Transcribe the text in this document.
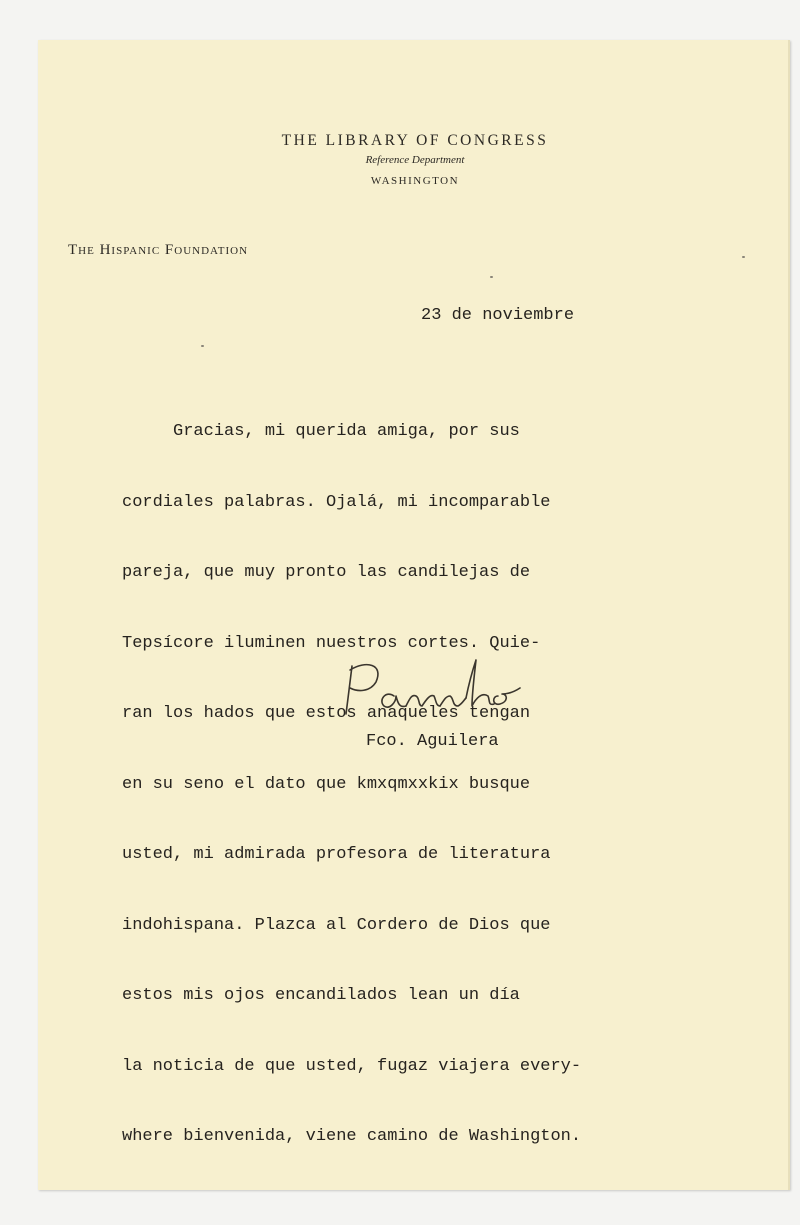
THE LIBRARY OF CONGRESS
Reference Department
WASHINGTON
The Hispanic Foundation
23 de noviembre

Gracias, mi querida amiga, por sus

cordiales palabras. Ojalá, mi incomparable

pareja, que muy pronto las candilejas de

Tepsícore iluminen nuestros cortes. Quie-

ran los hados que estos anaqueles tengan

en su seno el dato que kmxqmxxkix busque

usted, mi admirada profesora de literatura

indohispana. Plazca al Cordero de Dios que

estos mis ojos encandilados lean un día

la noticia de que usted, fugaz viajera every-

where bienvenida, viene camino de Washington.

Fco. Aguilera
